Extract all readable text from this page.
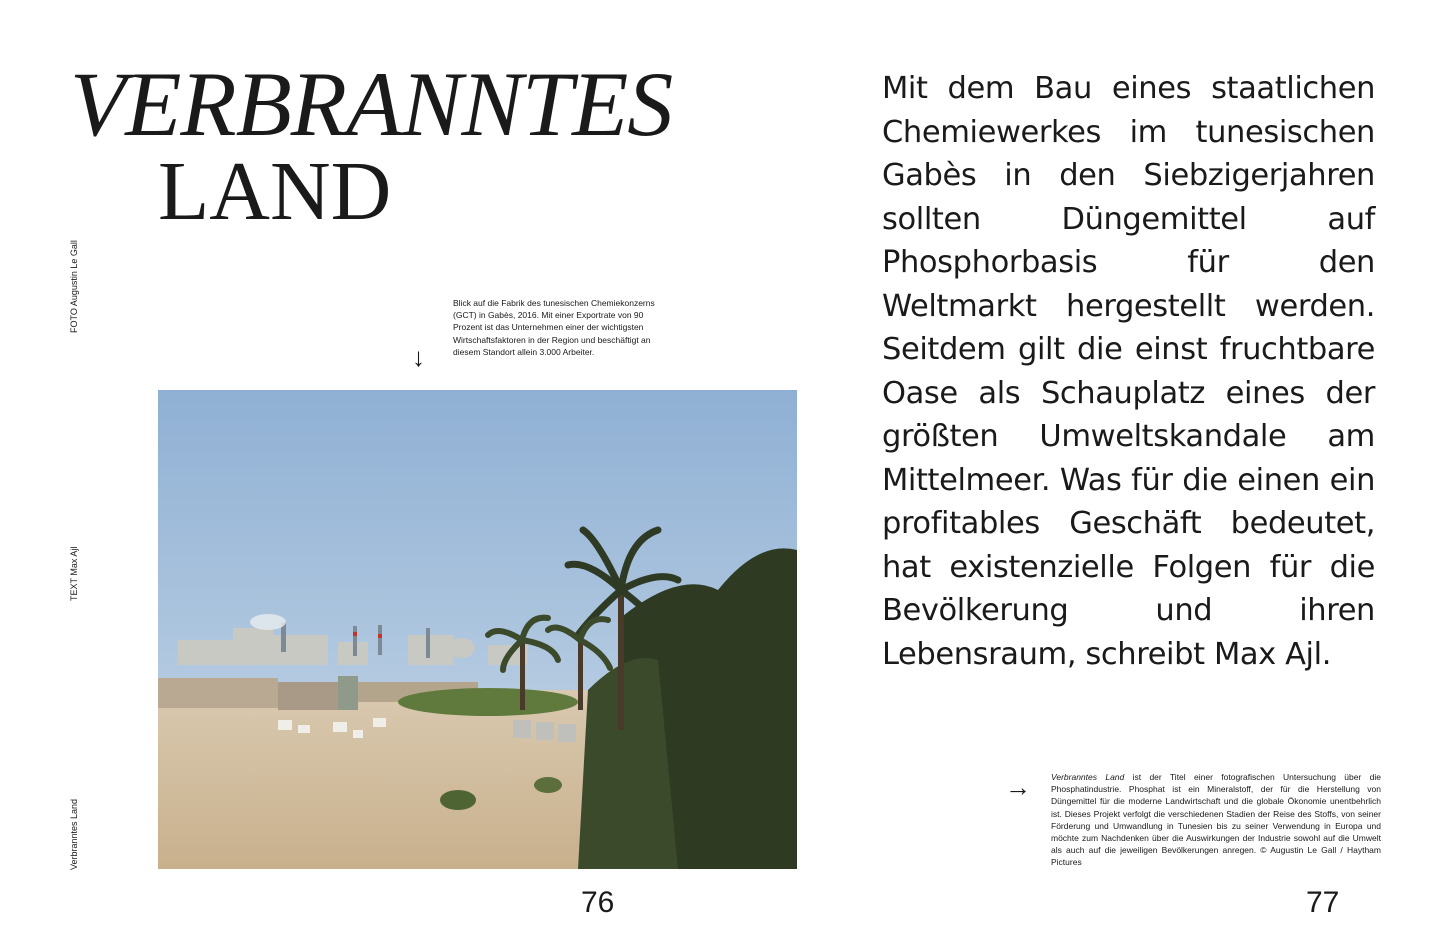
VERBRANNTES
LAND
FOTO Augustin Le Gall
TEXT Max Ajl
Verbranntes Land
↓

Blick auf die Fabrik des tunesischen Chemiekonzerns (GCT) in Gabès, 2016. Mit einer Exportrate von 90 Prozent ist das Unternehmen einer der wichtigsten Wirtschaftsfaktoren in der Region und beschäftigt an diesem Standort allein 3.000 Arbeiter.

Mit dem Bau eines staatlichen Chemiewerkes im tunesischen Gabès in den Siebzigerjahren sollten Düngemittel auf Phosphorbasis für den Weltmarkt hergestellt werden. Seitdem gilt die einst fruchtbare Oase als Schauplatz eines der größten Umweltskandale am Mittelmeer. Was für die einen ein profitables Geschäft bedeutet, hat existenzielle Folgen für die Bevölkerung und ihren Lebensraum, schreibt Max Ajl.

→ Verbranntes Land ist der Titel einer fotografischen Untersuchung über die Phosphatindustrie. Phosphat ist ein Mineralstoff, der für die Herstellung von Düngemittel für die moderne Landwirtschaft und die globale Ökonomie unentbehrlich ist. Dieses Projekt verfolgt die verschiedenen Stadien der Reise des Stoffs, von seiner Förderung und Umwandlung in Tunesien bis zu seiner Verwendung in Europa und möchte zum Nachdenken über die Auswirkungen der Industrie sowohl auf die Umwelt als auch auf die jeweiligen Bevölkerungen anregen. © Augustin Le Gall / Haytham Pictures

76	77
